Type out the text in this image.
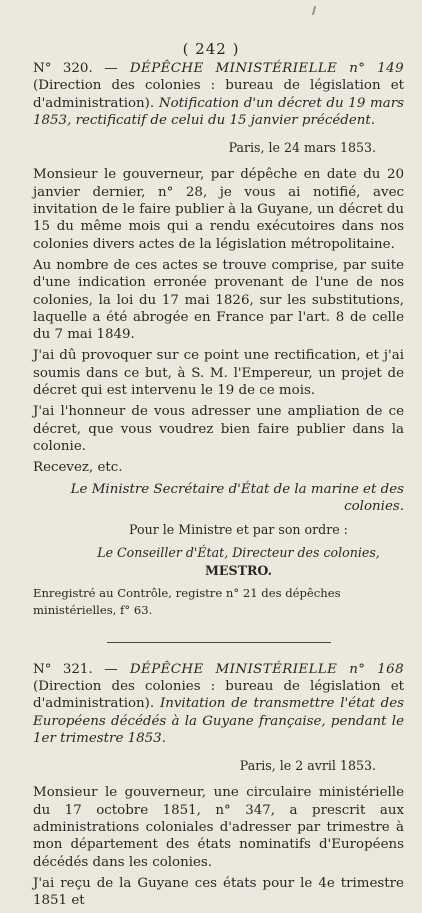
( 242 )
N° 320. — DÉPÊCHE MINISTÉRIELLE n° 149 (Direction des colonies : bureau de législation et d'administration). Notification d'un décret du 19 mars 1853, rectificatif de celui du 15 janvier précédent.
Paris, le 24 mars 1853.

Monsieur le gouverneur, par dépêche en date du 20 janvier dernier, n° 28, je vous ai notifié, avec invitation de le faire publier à la Guyane, un décret du 15 du même mois qui a rendu exécutoires dans nos colonies divers actes de la législation métropolitaine.

Au nombre de ces actes se trouve comprise, par suite d'une indication erronée provenant de l'une de nos colonies, la loi du 17 mai 1826, sur les substitutions, laquelle a été abrogée en France par l'art. 8 de celle du 7 mai 1849.

J'ai dû provoquer sur ce point une rectification, et j'ai soumis dans ce but, à S. M. l'Empereur, un projet de décret qui est intervenu le 19 de ce mois.

J'ai l'honneur de vous adresser une ampliation de ce décret, que vous voudrez bien faire publier dans la colonie.

Recevez, etc.

Le Ministre Secrétaire d'État de la marine et des colonies.
Pour le Ministre et par son ordre :
Le Conseiller d'État, Directeur des colonies,
MESTRO.
Enregistré au Contrôle, registre n° 21 des dépêches ministérielles, f° 63.
N° 321. — DÉPÊCHE MINISTÉRIELLE n° 168 (Direction des colonies : bureau de législation et d'administration). Invitation de transmettre l'état des Européens décédés à la Guyane française, pendant le 1er trimestre 1853.
Paris, le 2 avril 1853.

Monsieur le gouverneur, une circulaire ministérielle du 17 octobre 1851, n° 347, a prescrit aux administrations coloniales d'adresser par trimestre à mon département des états nominatifs d'Européens décédés dans les colonies.

J'ai reçu de la Guyane ces états pour le 4e trimestre 1851 et
